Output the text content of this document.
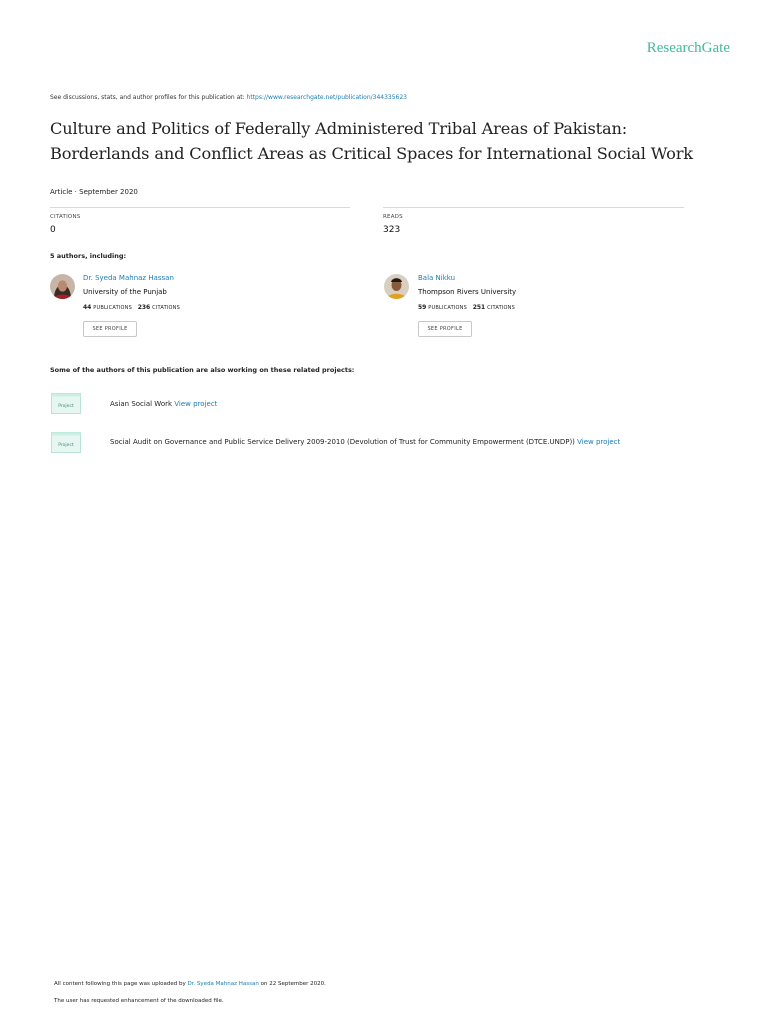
ResearchGate
See discussions, stats, and author profiles for this publication at: https://www.researchgate.net/publication/344335623
Culture and Politics of Federally Administered Tribal Areas of Pakistan:
Borderlands and Conflict Areas as Critical Spaces for International Social Work
Article · September 2020
CITATIONS
0
READS
323
5 authors, including:
Dr. Syeda Mahnaz Hassan
University of the Punjab
44 PUBLICATIONS 236 CITATIONS
SEE PROFILE
Bala Nikku
Thompson Rivers University
59 PUBLICATIONS 251 CITATIONS
SEE PROFILE
Some of the authors of this publication are also working on these related projects:
Project	Asian Social Work View project
Project	Social Audit on Governance and Public Service Delivery 2009-2010 (Devolution of Trust for Community Empowerment (DTCE.UNDP)) View project
All content following this page was uploaded by Dr. Syeda Mahnaz Hassan on 22 September 2020.
The user has requested enhancement of the downloaded file.
